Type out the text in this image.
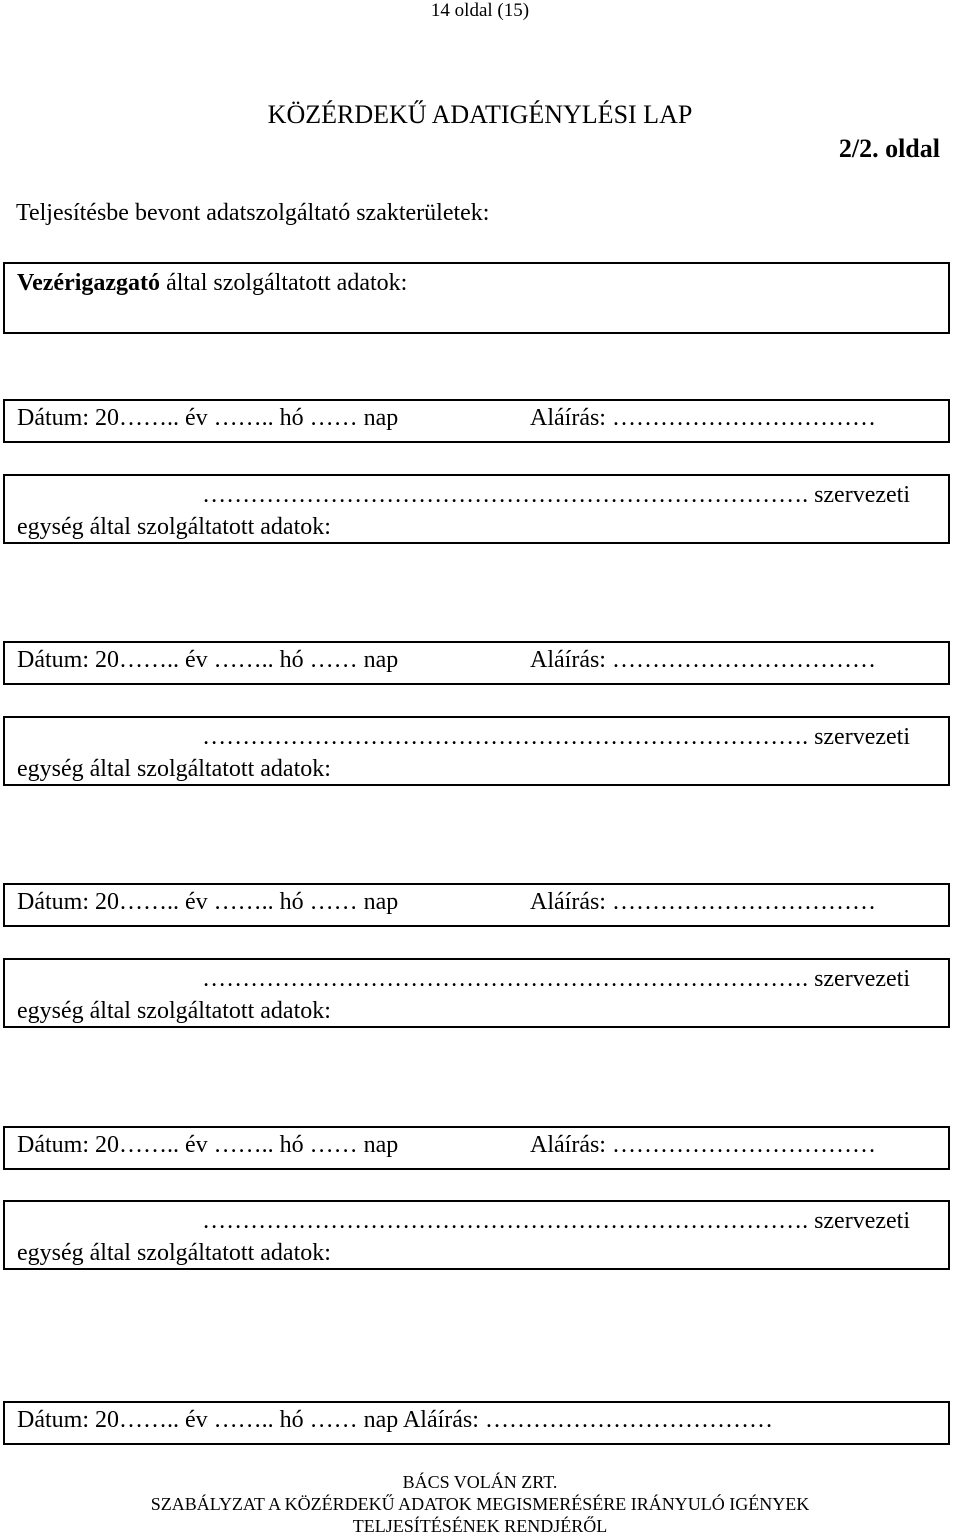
14 oldal (15)
KÖZÉRDEKŰ ADATIGÉNYLÉSI LAP
2/2. oldal
Teljesítésbe bevont adatszolgáltató szakterületek:
Vezérigazgató által szolgáltatott adatok:
Dátum: 20…….. év …….. hó …… nap	Aláírás: ……………………………
…………………………………………………………………. szervezeti
egység által szolgáltatott adatok:
Dátum: 20…….. év …….. hó …… nap	Aláírás: ……………………………
…………………………………………………………………. szervezeti
egység által szolgáltatott adatok:
Dátum: 20…….. év …….. hó …… nap	Aláírás: ……………………………
…………………………………………………………………. szervezeti
egység által szolgáltatott adatok:
Dátum: 20…….. év …….. hó …… nap	Aláírás: ……………………………
…………………………………………………………………. szervezeti
egység által szolgáltatott adatok:
Dátum: 20…….. év …….. hó …… nap Aláírás: ………………………………
BÁCS VOLÁN ZRT.
SZABÁLYZAT A KÖZÉRDEKŰ ADATOK MEGISMERÉSÉRE IRÁNYULÓ IGÉNYEK
TELJESÍTÉSÉNEK RENDJÉRŐL
